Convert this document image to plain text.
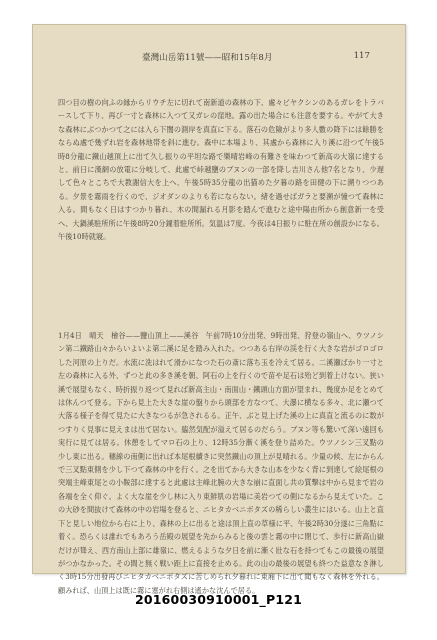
臺灣山岳第11號——昭和15年8月	117

四つ目の樹の向ふの縁からリウチ左に切れて南新道の森林の下、處々ビヤクシンのあるガレをトラバースして下り、再び一寸と森林に入つて又ガレの窪地。露の出た場合にも注意を要する。やがて大きな森林にぶつかつて之には入ら下闇の測岸を真直に下る。落石の危險がより多人數の降下には餘勝をならぬ處で幾ずれ岩を森林地帯を斜に進む。森中に本場より、其處から森林に入り溪に沿つて午後5時8分龍に鐵山越頂上に出て久し振りの平坦な路で樂晴岩峰の有難さを味わつて新高の大嶺に達すると、前日に漢網の放電に分岐して、此處で峠越鹽のブヌンの一部を降し吉川さん他7名となり、少遅して色々とこちで大教謝信大を上へ、午後5時35分龍の出猫めた夕暮の路を田健の下に溯りつつある。夕景を霧雨を行くので、ジオダンのよりも若にならない。緒を過せばガラと要瀕が憧つて森林に入る。間もなく日はすつかり暮れ、木の間漏れる月影を踏んで進むと途中陽由所から創意新一を受へ、大鍋溪駐所所に午後8時20分鐘着駐所所。気温は7度。今夜は4日振りに駐在所の創設かになる。午後10時就寢。

1月4日　晴天　檜谷——鹽山頂上——溪谷　午前7時10分出発、9時出発、狩登の嶺山へ、ウツノシン第二鐵路山々からいよいよ第二溪に足を踏み入れた。つつある右岸の渓を行く大きな岩がゴロゴロした河原の上りだ。水流に洗はれて滑かになつた石の斎に落ち玉を冷えて居る。二溪瀬ばかり一寸と左の森林に入る外、ずつと此の多き溪を朝、阿石の上を行くので苗や足石は殆ど到着上けない。狭い溪で展望もなく、時折振り返つて見れば新高主山・南面山・鐵頭山方面が望まれ、幾度か足をとめては休んつて登る。下から見上た大きな崖の盤りから頭部を方なつて、大瀑に横なる多々、北に瀬つて大落る様子を得て見たに大きなつるが急されるる。正午、ぶと見上げた溪の上に真直と流るのに数がつすりく見事に見えまは出て居ない。臨然気配が溢えて居るのだらう。ブヌン等も驚いて深い遠回も実行に見ては居る。休憩をしてマロ石の上り、12時35分漸く溪を登り詰めた。ウツノシン三叉點の少し東に出る。穗線の南側に出れば本尾根續きに突然鐵山の頂上が見晴れる。少量の候、左にからんで三叉點東側を少し下つて森林の中を行く。之を出てから大きな山本を少なく背に到達して絵尾根の突端主峰東尾との小鞍部に達すると此處は主峰北腕の大きな崩に直面し共の質撃は中から見まで岩の各端を全く仰ぐ。よく大な崖を少し林に入り東鮮肌の岩場に美岩つての側になるから見えていた。この大砂を間抜けて森林の中の岩場を登ると、ニヒタカベニボタズの稀らしい叢生にはいる。山上と直下と見しい地位から右に上り、森林の上に出ると途は頂上直の草様に平、午後2時30分遂に三角點に着く。恐らくは誰れでもあろう岳殿の展望を先からみると後の雲と霧の中に閉じて、歩行に新高山嶽だけが聳え、西方南山上部に雄嶺に、燃えるような夕日を前に漸く壯な石を持つてもこの最後の展望がつかなかった。その間と無く戦い距上に直接を止める。此の山の最後の展望も終つた益意なき淋しく3時15分出發再びニヒタカベニボタズに苦しめられ夕暮れに東廂下に出て聞もなく森林を外れる。顧みれば、山頂上は既に霧に塞がれ右側は遙かな沈んで居る。

20160030910001_P121
